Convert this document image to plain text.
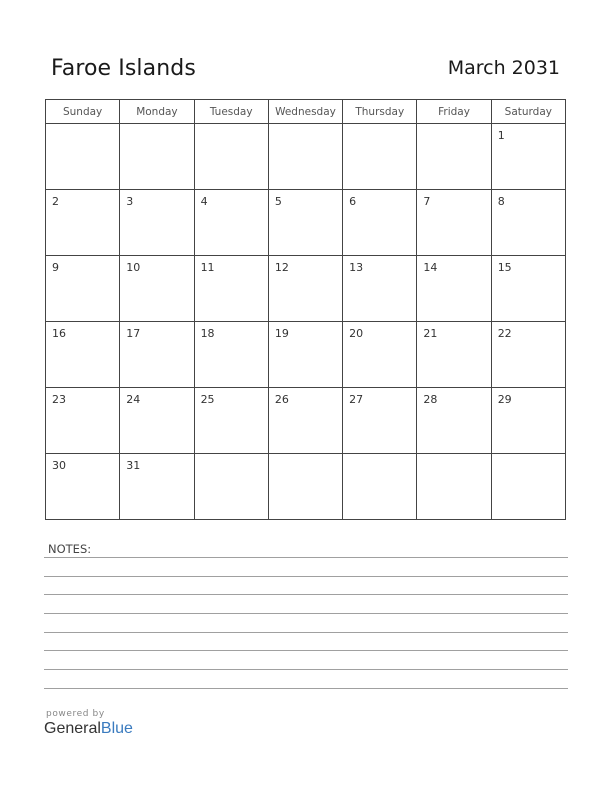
Faroe Islands	March 2031
Sunday	Monday	Tuesday	Wednesday	Thursday	Friday	Saturday

						1

2	3	4	5	6	7	8

9	10	11	12	13	14	15

16	17	18	19	20	21	22

23	24	25	26	27	28	29

30	31					

NOTES:
powered by
GeneralBlue
